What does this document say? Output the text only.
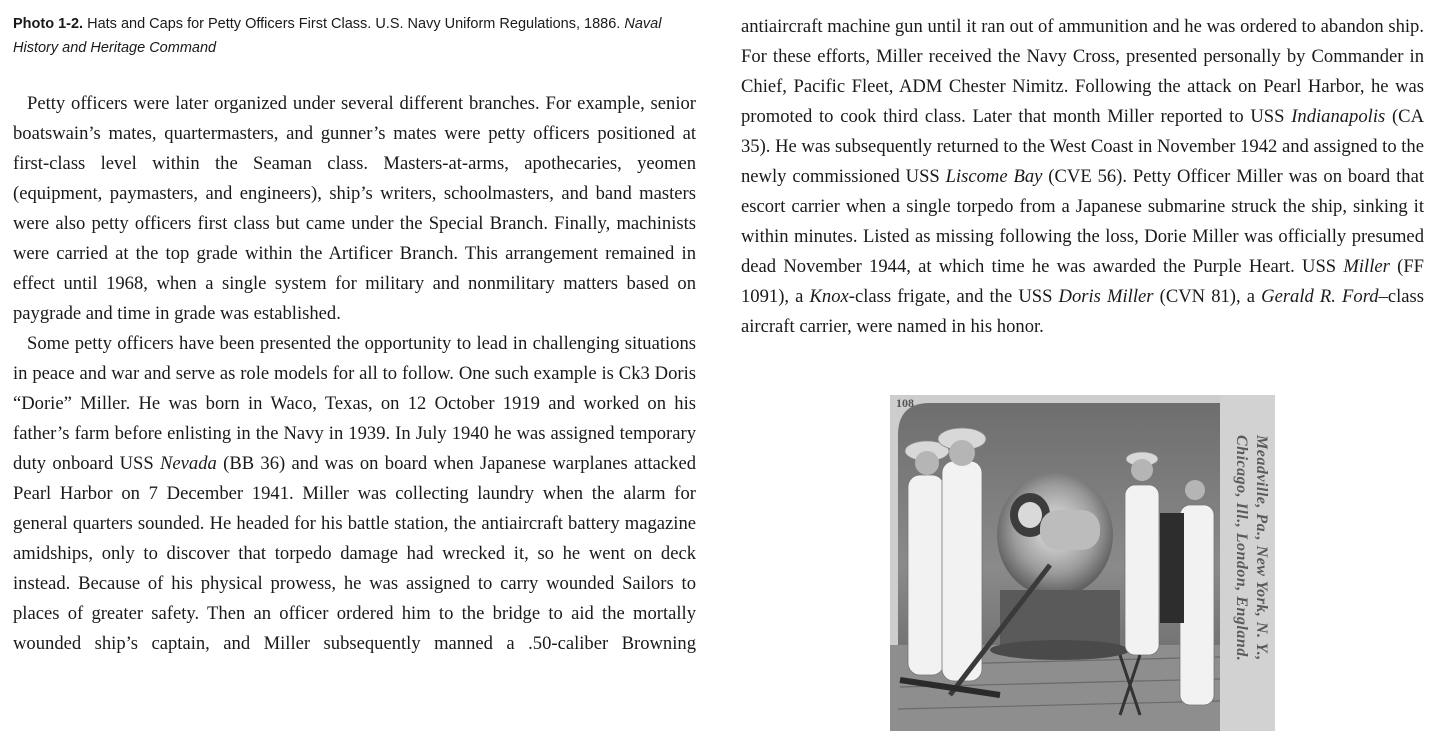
Photo 1-2. Hats and Caps for Petty Officers First Class. U.S. Navy Uniform Regulations, 1886. Naval History and Heritage Command

Petty officers were later organized under several different branches. For example, senior boatswain’s mates, quartermasters, and gunner’s mates were petty officers positioned at first-class level within the Seaman class. Masters-at-arms, apothecaries, yeomen (equipment, paymasters, and engineers), ship’s writers, schoolmasters, and band masters were also petty officers first class but came under the Special Branch. Finally, machinists were carried at the top grade within the Artificer Branch. This arrangement remained in effect until 1968, when a single system for military and nonmilitary matters based on paygrade and time in grade was established.

Some petty officers have been presented the opportunity to lead in challenging situations in peace and war and serve as role models for all to follow. One such example is Ck3 Doris “Dorie” Miller. He was born in Waco, Texas, on 12 October 1919 and worked on his father’s farm before enlisting in the Navy in 1939. In July 1940 he was assigned temporary duty onboard USS Nevada (BB 36) and was on board when Japanese warplanes attacked Pearl Harbor on 7 December 1941. Miller was collecting laundry when the alarm for general quarters sounded. He headed for his battle station, the antiaircraft battery magazine amidships, only to discover that torpedo damage had wrecked it, so he went on deck instead. Because of his physical prowess, he was assigned to carry wounded Sailors to places of greater safety. Then an officer ordered him to the bridge to aid the mortally wounded ship’s captain, and Miller subsequently manned a .50-caliber Browning

antiaircraft machine gun until it ran out of ammunition and he was ordered to abandon ship. For these efforts, Miller received the Navy Cross, presented personally by Commander in Chief, Pacific Fleet, ADM Chester Nimitz. Following the attack on Pearl Harbor, he was promoted to cook third class. Later that month Miller reported to USS Indianapolis (CA 35). He was subsequently returned to the West Coast in November 1942 and assigned to the newly commissioned USS Liscome Bay (CVE 56). Petty Officer Miller was on board that escort carrier when a single torpedo from a Japanese submarine struck the ship, sinking it within minutes. Listed as missing following the loss, Dorie Miller was officially presumed dead November 1944, at which time he was awarded the Purple Heart. USS Miller (FF 1091), a Knox-class frigate, and the USS Doris Miller (CVN 81), a Gerald R. Ford–class aircraft carrier, were named in his honor.

108
Meadville, Pa., New York, N. Y.,
Chicago, Ill., London, England.
